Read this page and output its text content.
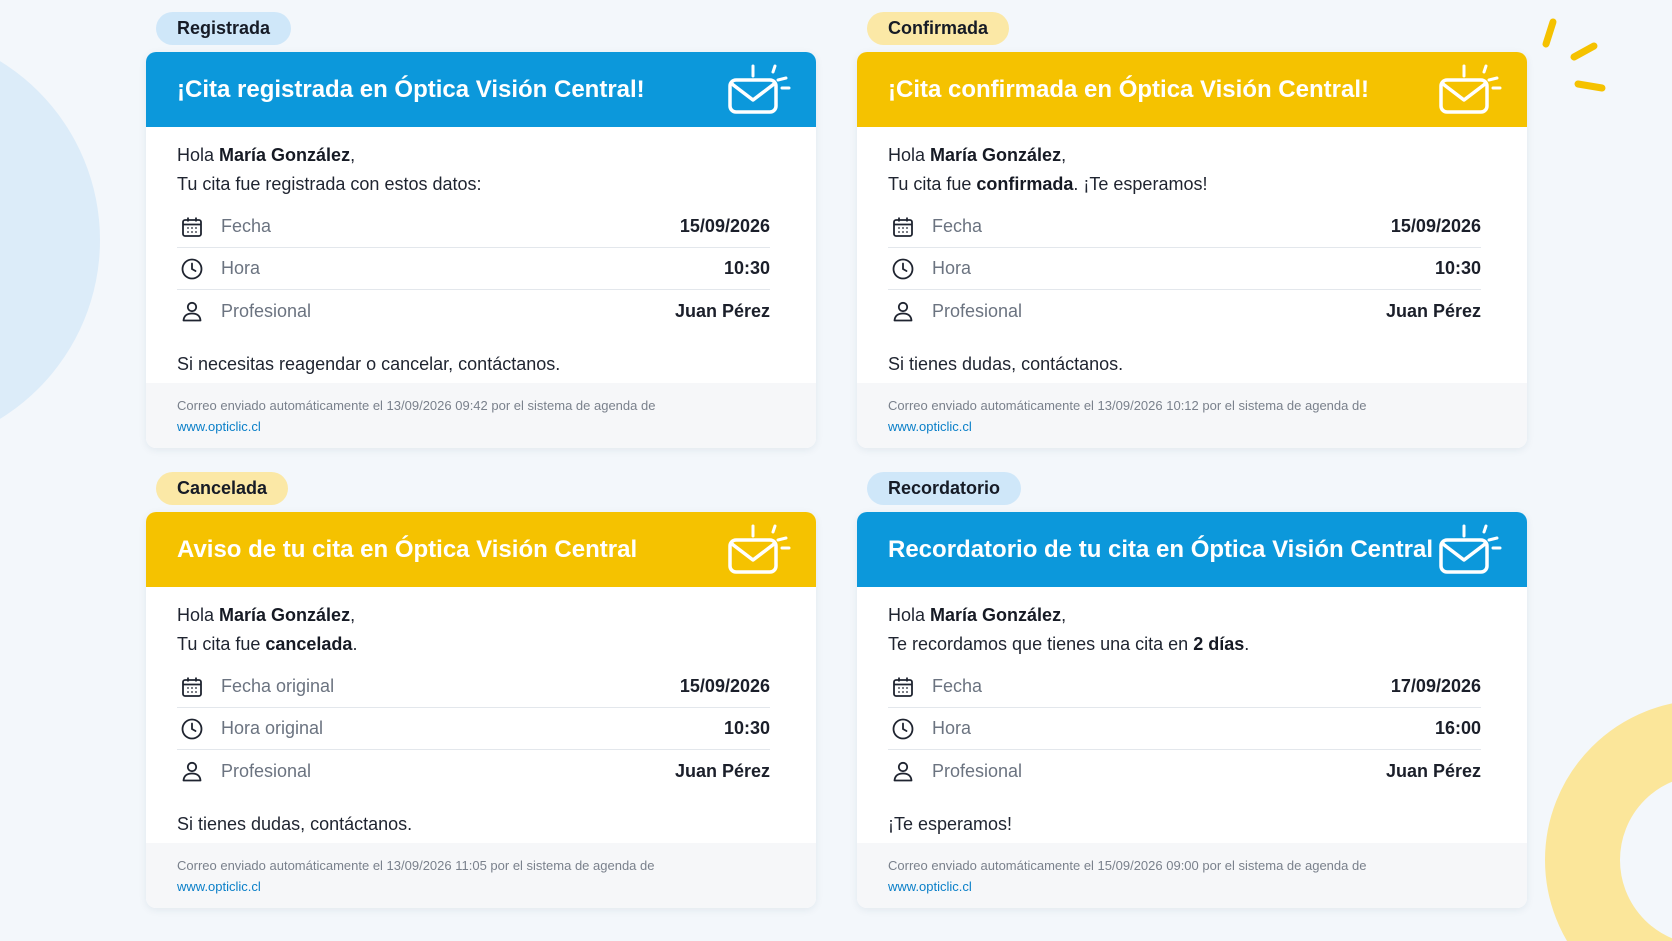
Registrada
¡Cita registrada en Óptica Visión Central!

Hola María González,

Tu cita fue registrada con estos datos:

Fecha	15/09/2026
Hora	10:30
Profesional	Juan Pérez

Si necesitas reagendar o cancelar, contáctanos.

Correo enviado automáticamente el 13/09/2026 09:42 por el sistema de agenda de
www.opticlic.cl
Confirmada
¡Cita confirmada en Óptica Visión Central!

Hola María González,

Tu cita fue confirmada. ¡Te esperamos!

Fecha	15/09/2026
Hora	10:30
Profesional	Juan Pérez

Si tienes dudas, contáctanos.

Correo enviado automáticamente el 13/09/2026 10:12 por el sistema de agenda de
www.opticlic.cl
Cancelada
Aviso de tu cita en Óptica Visión Central

Hola María González,

Tu cita fue cancelada.

Fecha original	15/09/2026
Hora original	10:30
Profesional	Juan Pérez

Si tienes dudas, contáctanos.

Correo enviado automáticamente el 13/09/2026 11:05 por el sistema de agenda de
www.opticlic.cl
Recordatorio
Recordatorio de tu cita en Óptica Visión Central

Hola María González,

Te recordamos que tienes una cita en 2 días.

Fecha	17/09/2026
Hora	16:00
Profesional	Juan Pérez

¡Te esperamos!

Correo enviado automáticamente el 15/09/2026 09:00 por el sistema de agenda de
www.opticlic.cl
